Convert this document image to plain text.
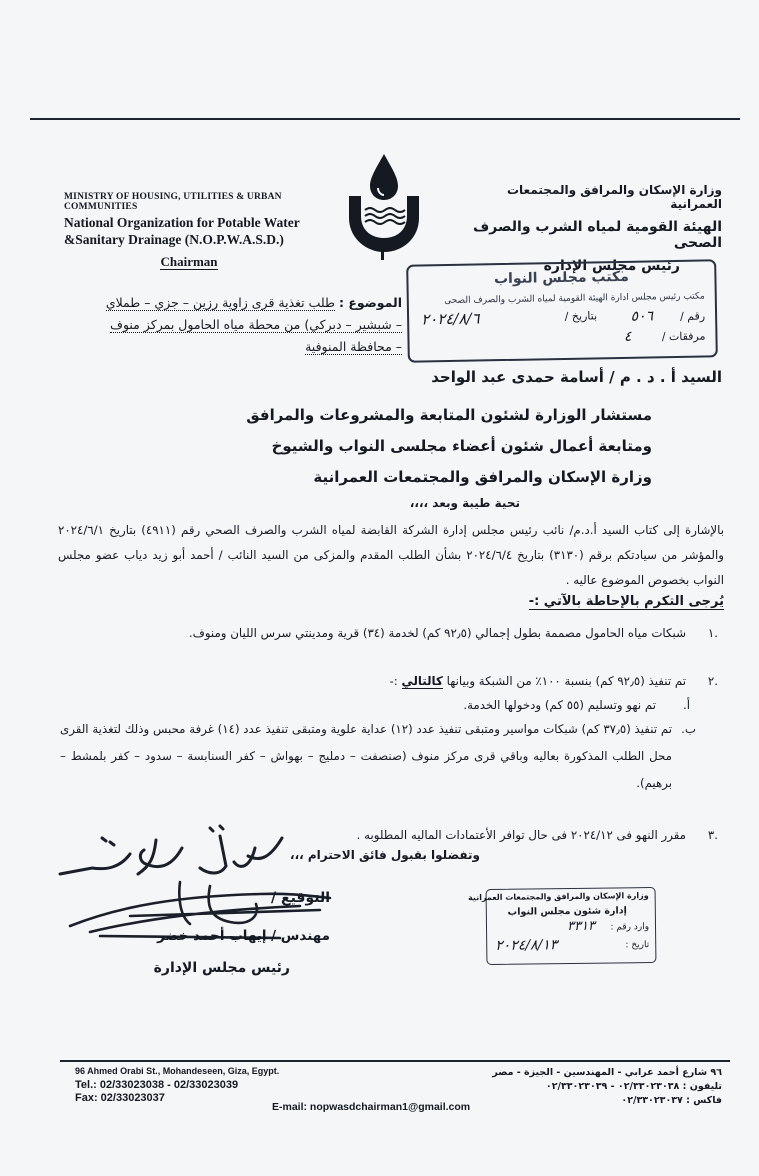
MINISTRY OF HOUSING, UTILITIES & URBAN COMMUNITIES
National Organization for Potable Water
&Sanitary Drainage (N.O.P.W.A.S.D.)
Chairman
وزارة الإسكان والمرافق والمجتمعات العمرانية
الهيئة القومية لمياه الشرب والصرف الصحى
رئيس مجلس الإدارة
مكتب مجلس النواب
مكتب رئيس مجلس ادارة الهيئة القومية لمياه الشرب والصرف الصحى
رقم /
٥٠٦
بتاريخ /
٢٠٢٤/٨/٦
مرفقات /
٤
الموضوع : طلب تغذية قرى زاوية رزين – جزي – طملاي – شبشير – دبركي) من محطة مياه الحامول بمركز منوف – محافظة المنوفية
السيد أ . د . م / أسامة حمدى عبد الواحد
مستشار الوزارة لشئون المتابعة والمشروعات والمرافق
ومتابعة أعمال شئون أعضاء مجلسى النواب والشيوخ
وزارة الإسكان والمرافق والمجتمعات العمرانية
تحية طيبة وبعد ،،،،
بالإشارة إلى كتاب السيد أ.د.م/ نائب رئيس مجلس إدارة الشركة القابضة لمياه الشرب والصرف الصحي رقم (٤٩١١) بتاريخ ٢٠٢٤/٦/١ والمؤشر من سيادتكم برقم (٣١٣٠) بتاريخ ٢٠٢٤/٦/٤ بشأن الطلب المقدم والمزكى من السيد النائب / أحمد أبو زيد دياب عضو مجلس النواب بخصوص الموضوع عاليه .
يُرجى التكرم بالإحاطة بالآتي :-
١.
شبكات مياه الحامول مصممة بطول إجمالي (٩٢٫٥ كم) لخدمة (٣٤) قرية ومدينتي سرس الليان ومنوف.
٢.
تم تنفيذ (٩٢٫٥ كم) بنسبة ١٠٠٪ من الشبكة وبيانها كالتالي :-
أ.
تم نهو وتسليم (٥٥ كم) ودخولها الخدمة.
ب.
تم تنفيذ (٣٧٫٥ كم) شبكات مواسير ومتبقى تنفيذ عدد (١٢) عداية علوية ومتبقى تنفيذ عدد (١٤) غرفة محبس وذلك لتغذية القرى محل الطلب المذكورة بعاليه وباقي قرى مركز منوف (صنصفت – دمليج – بهواش – كفر السنابسة – سدود – كفر بلمشط – برهيم).
٣.
مقرر النهو فى ٢٠٢٤/١٢ فى حال توافر الأعتمادات الماليه المطلوبه .
وتفضلوا بقبول فائق الاحترام ،،،
التوقيع /
مهندس / إيهاب أحمد خضر
رئيس مجلس الإدارة
وزارة الإسكان والمرافق والمجتمعات العمرانية
إدارة شئون مجلس النواب
وارد رقم :
٣٣١٣
تاريخ :
٢٠٢٤/٨/١٣
96 Ahmed Orabi St., Mohandeseen, Giza, Egypt.
Tel.: 02/33023038 - 02/33023039
Fax: 02/33023037
E-mail: nopwasdchairman1@gmail.com
٩٦ شارع أحمد عرابي - المهندسين - الجيزة - مصر
تليفون : ٠٢/٣٣٠٢٣٠٣٨ - ٠٢/٣٣٠٢٣٠٣٩
فاكس : ٠٢/٣٣٠٢٣٠٣٧
